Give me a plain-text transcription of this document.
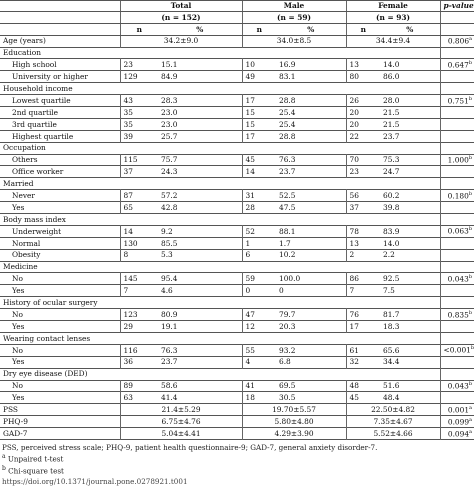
	Total		Male		Female		p-value
	(n = 152)		(n = 59)		(n = 93)		
	n	%	n	%	n	%	
Age (years)	34.2±9.0		34.0±8.5		34.4±9.4		0.806$^a$
Education							
High school	23	15.1	10	16.9	13	14.0	0.647$^b$
University or higher	129	84.9	49	83.1	80	86.0	
Household income							
Lowest quartile	43	28.3	17	28.8	26	28.0	0.751$^b$
2nd quartile	35	23.0	15	25.4	20	21.5	
3rd quartile	35	23.0	15	25.4	20	21.5	
Highest quartile	39	25.7	17	28.8	22	23.7	
Occupation							
Others	115	75.7	45	76.3	70	75.3	1.000$^b$
Office worker	37	24.3	14	23.7	23	24.7	
Married							
Never	87	57.2	31	52.5	56	60.2	0.180$^b$
Yes	65	42.8	28	47.5	37	39.8	
Body mass index							
Underweight	14	9.2	52	88.1	78	83.9	0.063$^b$
Normal	130	85.5	1	1.7	13	14.0	
Obesity	8	5.3	6	10.2	2	2.2	
Medicine							
No	145	95.4	59	100.0	86	92.5	0.043$^b$
Yes	7	4.6	0	0	7	7.5	
History of ocular surgery							
No	123	80.9	47	79.7	76	81.7	0.835$^b$
Yes	29	19.1	12	20.3	17	18.3	
Wearing contact lenses							
No	116	76.3	55	93.2	61	65.6	<0.001$^b$
Yes	36	23.7	4	6.8	32	34.4	
Dry eye disease (DED)							
No	89	58.6	41	69.5	48	51.6	0.043$^b$
Yes	63	41.4	18	30.5	45	48.4	
PSS	21.4±5.29		19.70±5.57		22.50±4.82		0.001$^a$
PHQ-9	6.75±4.76		5.80±4.80		7.35±4.67		0.099$^a$
GAD-7	5.04±4.41		4.29±3.90		5.52±4.66		0.094$^a$
PSS, perceived stress scale; PHQ-9, patient health questionnaire-9; GAD-7, general anxiety disorder-7.
$^a$ Unpaired t-test
$^b$ Chi-square test
https://doi.org/10.1371/journal.pone.0278921.t001
